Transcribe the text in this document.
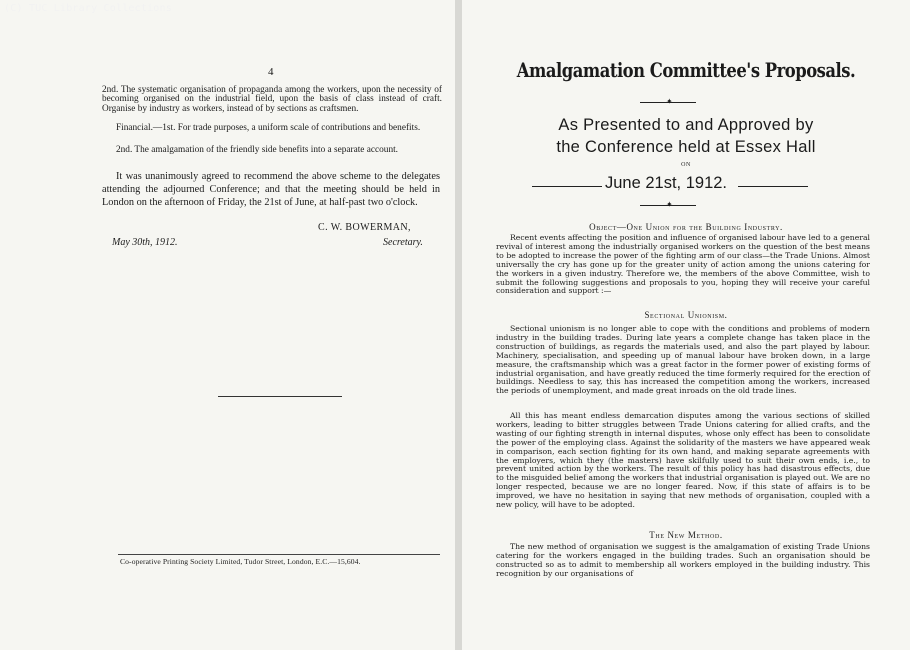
(C) TUC Library Collections
4

2nd. The systematic organisation of propaganda among the workers, upon the necessity of becoming organised on the industrial field, upon the basis of class instead of craft. Organise by industry as workers, instead of by sections as craftsmen.

Financial.—1st. For trade purposes, a uniform scale of contributions and benefits.

2nd. The amalgamation of the friendly side benefits into a separate account.

It was unanimously agreed to recommend the above scheme to the delegates attending the adjourned Conference; and that the meeting should be held in London on the afternoon of Friday, the 21st of June, at half-past two o'clock.

C. W. BOWERMAN,
May 30th, 1912.	Secretary.
Co-operative Printing Society Limited, Tudor Street, London, E.C.—15,604.
Amalgamation Committee's Proposals.
✦
As Presented to and Approved by
the Conference held at Essex Hall
ON
June 21st, 1912.
✦
Object—One Union for the Building Industry.

Recent events affecting the position and influence of organised labour have led to a general revival of interest among the industrially organised workers on the question of the best means to be adopted to increase the power of the fighting arm of our class—the Trade Unions. Almost universally the cry has gone up for the greater unity of action among the unions catering for the workers in a given industry. Therefore we, the members of the above Committee, wish to submit the following suggestions and proposals to you, hoping they will receive your careful consideration and support :—

Sectional Unionism.

Sectional unionism is no longer able to cope with the conditions and problems of modern industry in the building trades. During late years a complete change has taken place in the construction of buildings, as regards the materials used, and also the part played by labour. Machinery, specialisation, and speeding up of manual labour have broken down, in a large measure, the craftsmanship which was a great factor in the former power of existing forms of industrial organisation, and have greatly reduced the time formerly required for the erection of buildings. Needless to say, this has increased the competition among the workers, increased the periods of unemployment, and made great inroads on the old trade lines.

All this has meant endless demarcation disputes among the various sections of skilled workers, leading to bitter struggles between Trade Unions catering for allied crafts, and the wasting of our fighting strength in internal disputes, whose only effect has been to consolidate the power of the employing class. Against the solidarity of the masters we have appeared weak in comparison, each section fighting for its own hand, and making separate agreements with the employers, which they (the masters) have skilfully used to suit their own ends, i.e., to prevent united action by the workers. The result of this policy has had disastrous effects, due to the misguided belief among the workers that industrial organisation is played out. We are no longer respected, because we are no longer feared. Now, if this state of affairs is to be improved, we have no hesitation in saying that new methods of organisation, coupled with a new policy, will have to be adopted.

The New Method.

The new method of organisation we suggest is the amalgamation of existing Trade Unions catering for the workers engaged in the building trades. Such an organisation should be constructed so as to admit to membership all workers employed in the building industry. This recognition by our organisations of
